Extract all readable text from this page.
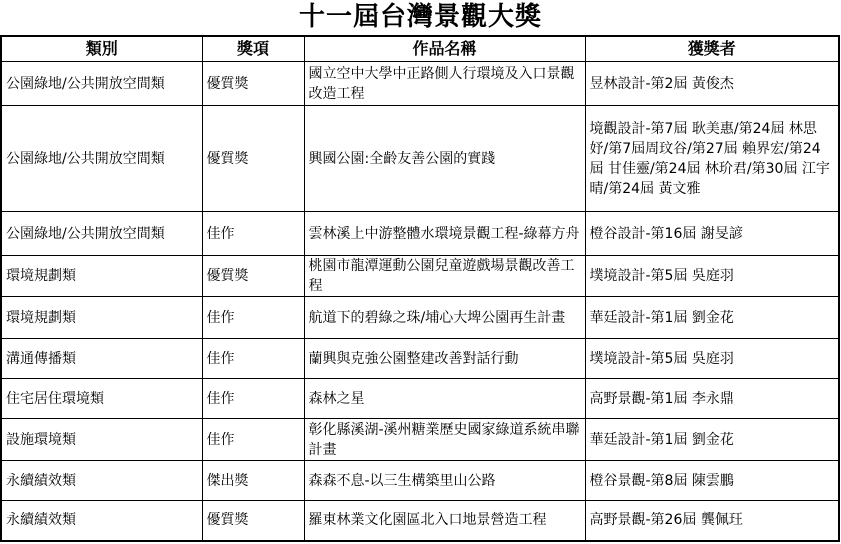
十一屆台灣景觀大獎
類別	獎項	作品名稱	獲獎者
公園綠地/公共開放空間類	優質獎	國立空中大學中正路側人行環境及入口景觀改造工程	昱林設計-第2屆 黃俊杰
公園綠地/公共開放空間類	優質獎	興國公園:全齡友善公園的實踐	境觀設計-第7屆 耿美惠/第24屆 林思妤/第7屆周玟谷/第27屆 賴界宏/第24屆 甘佳靈/第24屆 林玠君/第30屆 江宇晴/第24屆 黃文雅
公園綠地/公共開放空間類	佳作	雲林溪上中游整體水環境景觀工程-綠幕方舟	橙谷設計-第16屆 謝旻諺
環境規劃類	優質獎	桃園市龍潭運動公園兒童遊戲場景觀改善工程	墣境設計-第5屆 吳庭羽
環境規劃類	佳作	航道下的碧綠之珠/埔心大埤公園再生計畫	華廷設計-第1屆 劉金花
溝通傳播類	佳作	蘭興與克強公園整建改善對話行動	墣境設計-第5屆 吳庭羽
住宅居住環境類	佳作	森林之星	高野景觀-第1屆 李永鼎
設施環境類	佳作	彰化縣溪湖-溪州糖業歷史國家綠道系統串聯計畫	華廷設計-第1屆 劉金花
永續績效類	傑出獎	森森不息-以三生構築里山公路	橙谷景觀-第8屆 陳雲鵬
永續績效類	優質獎	羅東林業文化園區北入口地景營造工程	高野景觀-第26屆 龔佩玨
